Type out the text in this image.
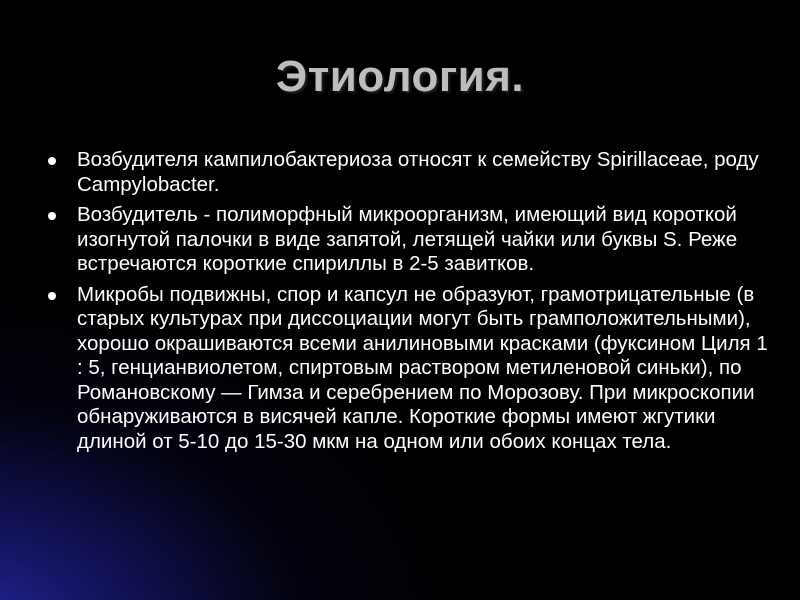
Этиология.
Возбудителя кампилобактериоза относят к семейству Spirillaceae, роду Campylobacter.
Возбудитель - полиморфный микроорганизм, имеющий вид короткой изогнутой палочки в виде запятой, летящей чайки или буквы S. Реже встречаются короткие спириллы в 2-5 завитков.
Микробы подвижны, спор и капсул не образуют, грамотрицательные (в старых культурах при диссоциации могут быть грамположительными), хорошо окрашиваются всеми анилиновыми красками (фуксином Циля 1 : 5, генцианвиолетом, спиртовым раствором метиленовой синьки), по Романовскому — Гимза и серебрением по Морозову. При микроскопии обнаруживаются в висячей капле. Короткие формы имеют жгутики длиной от 5-10 до 15-30 мкм на одном или обоих концах тела.
